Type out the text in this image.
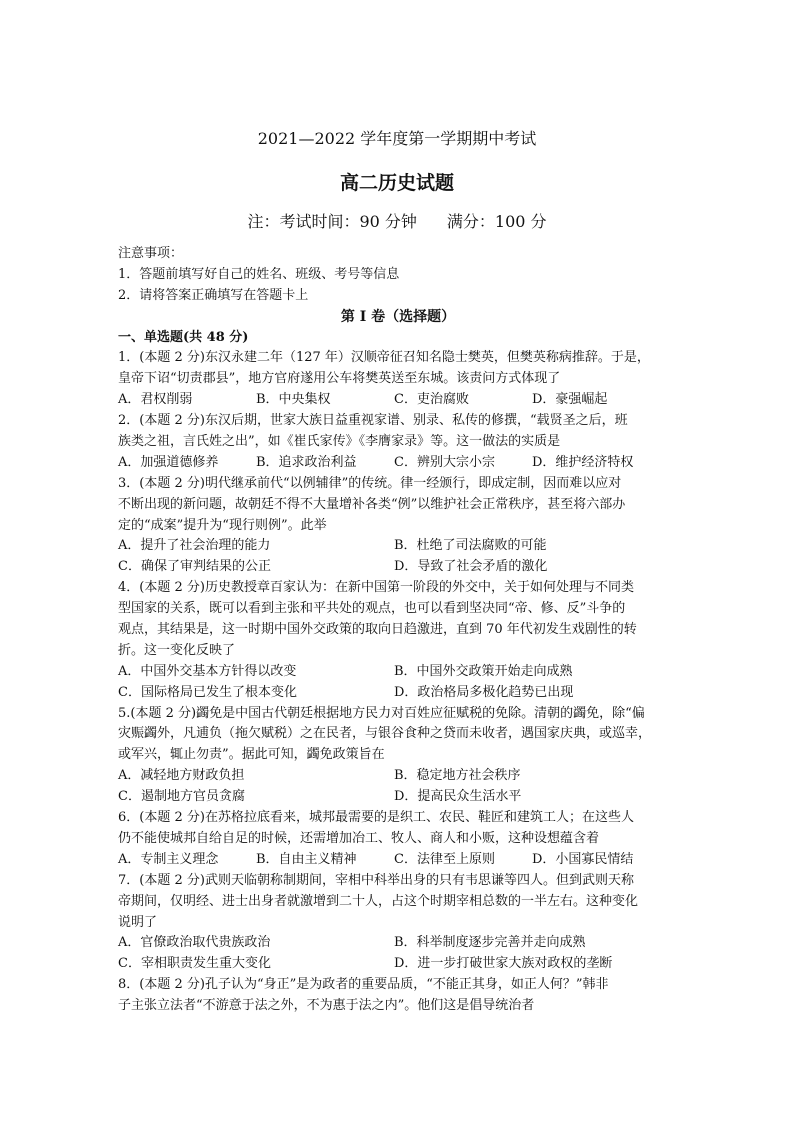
2021—2022 学年度第一学期期中考试
高二历史试题
注：考试时间：90 分钟 满分：100 分
注意事项：
1．答题前填写好自己的姓名、班级、考号等信息
2．请将答案正确填写在答题卡上
第 I 卷（选择题）
一、单选题(共 48 分)
1．(本题 2 分)东汉永建二年（127 年）汉顺帝征召知名隐士樊英，但樊英称病推辞。于是，
皇帝下诏“切责郡县”，地方官府遂用公车将樊英送至东城。该责问方式体现了
A．君权削弱	B．中央集权	C．吏治腐败	D．豪强崛起
2．(本题 2 分)东汉后期，世家大族日益重视家谱、别录、私传的修撰，“载贤圣之后，班
族类之祖，言氏姓之出”，如《崔氏家传》《李膺家录》等。这一做法的实质是
A．加强道德修养	B．追求政治利益	C．辨别大宗小宗	D．维护经济特权
3．(本题 2 分)明代继承前代“以例辅律”的传统。律一经颁行，即成定制，因而难以应对
不断出现的新问题，故朝廷不得不大量增补各类“例”以维护社会正常秩序，甚至将六部办
定的“成案”提升为“现行则例”。此举
A．提升了社会治理的能力	B．杜绝了司法腐败的可能
C．确保了审判结果的公正	D．导致了社会矛盾的激化
4．(本题 2 分)历史教授章百家认为：在新中国第一阶段的外交中，关于如何处理与不同类
型国家的关系，既可以看到主张和平共处的观点，也可以看到坚决同“帝、修、反”斗争的
观点，其结果是，这一时期中国外交政策的取向日趋激进，直到 70 年代初发生戏剧性的转
折。这一变化反映了
A．中国外交基本方针得以改变	B．中国外交政策开始走向成熟
C．国际格局已发生了根本变化	D．政治格局多极化趋势已出现
5.(本题 2 分)蠲免是中国古代朝廷根据地方民力对百姓应征赋税的免除。清朝的蠲免，除“偏
灾赈蠲外，凡逋负（拖欠赋税）之在民者，与银谷食种之贷而未收者，遇国家庆典，或巡幸，
或军兴，辄止勿责”。据此可知，蠲免政策旨在
A．减轻地方财政负担	B．稳定地方社会秩序
C．遏制地方官员贪腐	D．提高民众生活水平
6．(本题 2 分)在苏格拉底看来，城邦最需要的是织工、农民、鞋匠和建筑工人；在这些人
仍不能使城邦自给自足的时候，还需增加冶工、牧人、商人和小贩，这种设想蕴含着
A．专制主义理念	B．自由主义精神	C．法律至上原则	D．小国寡民情结
7．(本题 2 分)武则天临朝称制期间，宰相中科举出身的只有韦思谦等四人。但到武则天称
帝期间，仅明经、进士出身者就激增到二十人，占这个时期宰相总数的一半左右。这种变化
说明了
A．官僚政治取代贵族政治	B．科举制度逐步完善并走向成熟
C．宰相职责发生重大变化	D．进一步打破世家大族对政权的垄断
8．(本题 2 分)孔子认为“身正”是为政者的重要品质，“不能正其身，如正人何？”韩非
子主张立法者“不游意于法之外，不为惠于法之内”。他们这是倡导统治者
